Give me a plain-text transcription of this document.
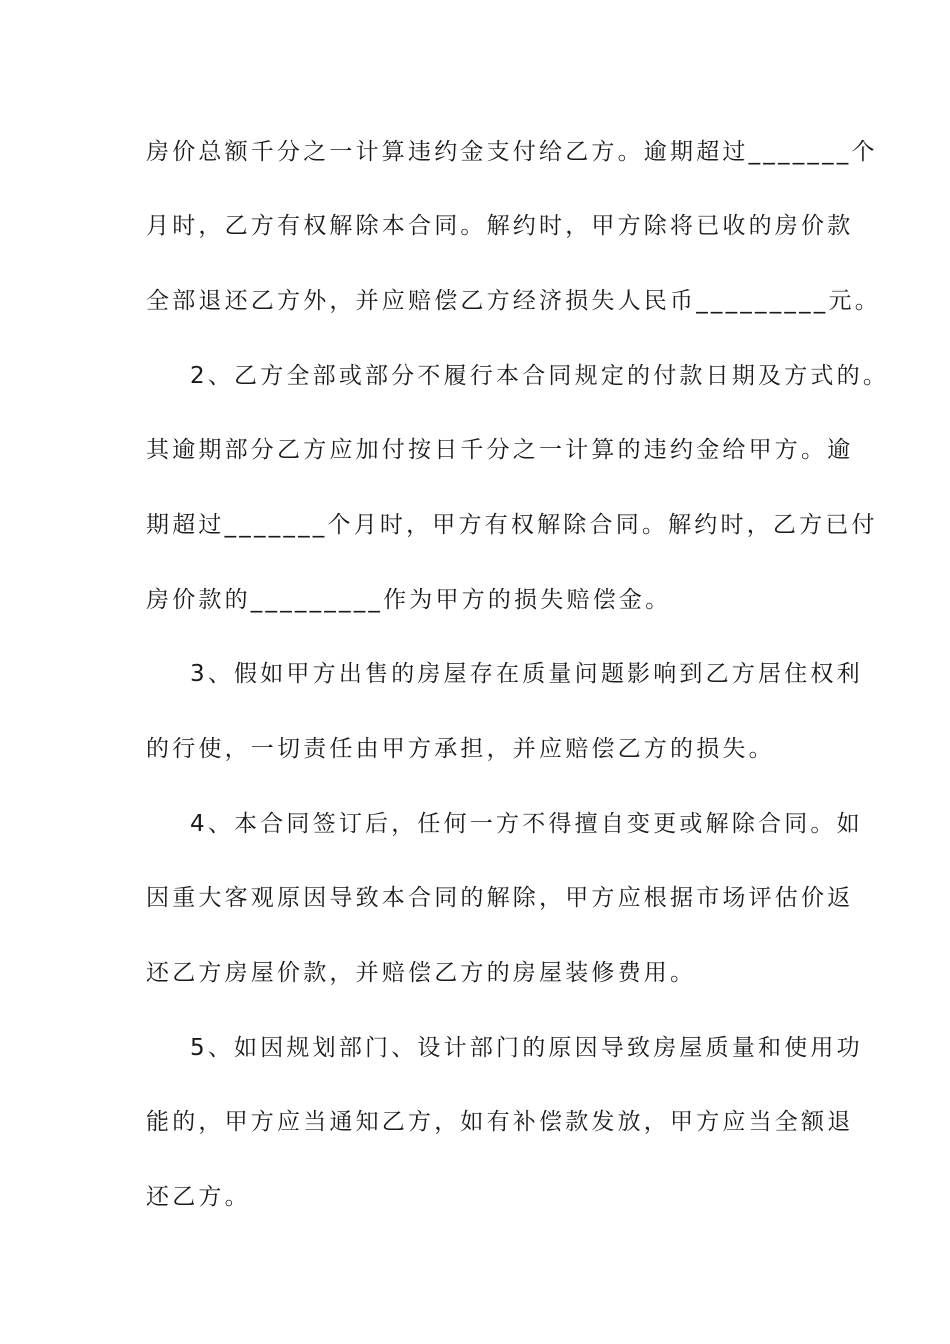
房价总额千分之一计算违约金支付给乙方。逾期超过_______个
月时，乙方有权解除本合同。解约时，甲方除将已收的房价款
全部退还乙方外，并应赔偿乙方经济损失人民币_________元。
2、乙方全部或部分不履行本合同规定的付款日期及方式的。
其逾期部分乙方应加付按日千分之一计算的违约金给甲方。逾
期超过_______个月时，甲方有权解除合同。解约时，乙方已付
房价款的_________作为甲方的损失赔偿金。
3、假如甲方出售的房屋存在质量问题影响到乙方居住权利
的行使，一切责任由甲方承担，并应赔偿乙方的损失。
4、本合同签订后，任何一方不得擅自变更或解除合同。如
因重大客观原因导致本合同的解除，甲方应根据市场评估价返
还乙方房屋价款，并赔偿乙方的房屋装修费用。
5、如因规划部门、设计部门的原因导致房屋质量和使用功
能的，甲方应当通知乙方，如有补偿款发放，甲方应当全额退
还乙方。
